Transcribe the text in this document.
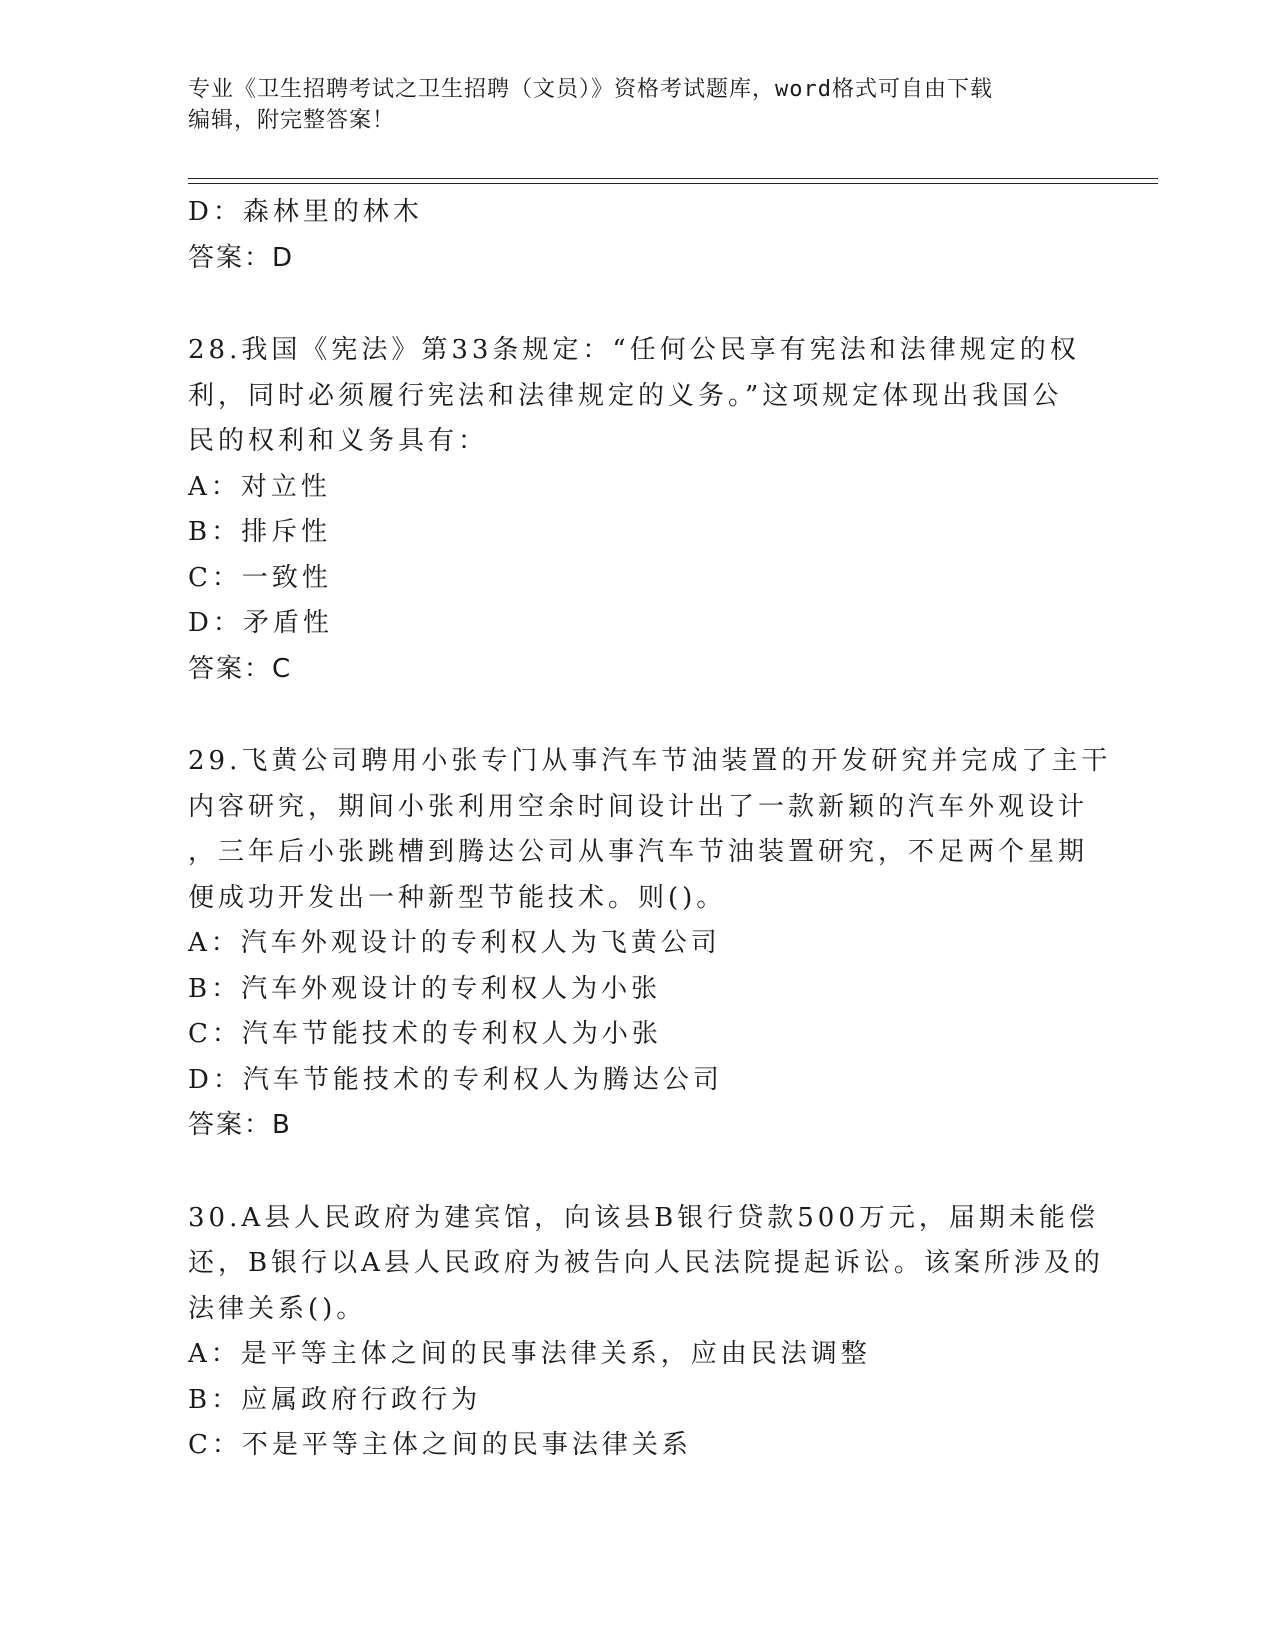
专业《卫生招聘考试之卫生招聘（文员）》资格考试题库，word格式可自由下载
编辑，附完整答案！
D：森林里的林木
答案：D
28.我国《宪法》第33条规定：“任何公民享有宪法和法律规定的权
利，同时必须履行宪法和法律规定的义务。”这项规定体现出我国公
民的权利和义务具有：
A：对立性
B：排斥性
C：一致性
D：矛盾性
答案：C
29.飞黄公司聘用小张专门从事汽车节油装置的开发研究并完成了主干
内容研究，期间小张利用空余时间设计出了一款新颖的汽车外观设计
，三年后小张跳槽到腾达公司从事汽车节油装置研究，不足两个星期
便成功开发出一种新型节能技术。则()。
A：汽车外观设计的专利权人为飞黄公司
B：汽车外观设计的专利权人为小张
C：汽车节能技术的专利权人为小张
D：汽车节能技术的专利权人为腾达公司
答案：B
30.A县人民政府为建宾馆，向该县B银行贷款500万元，届期未能偿
还，B银行以A县人民政府为被告向人民法院提起诉讼。该案所涉及的
法律关系()。
A：是平等主体之间的民事法律关系，应由民法调整
B：应属政府行政行为
C：不是平等主体之间的民事法律关系
